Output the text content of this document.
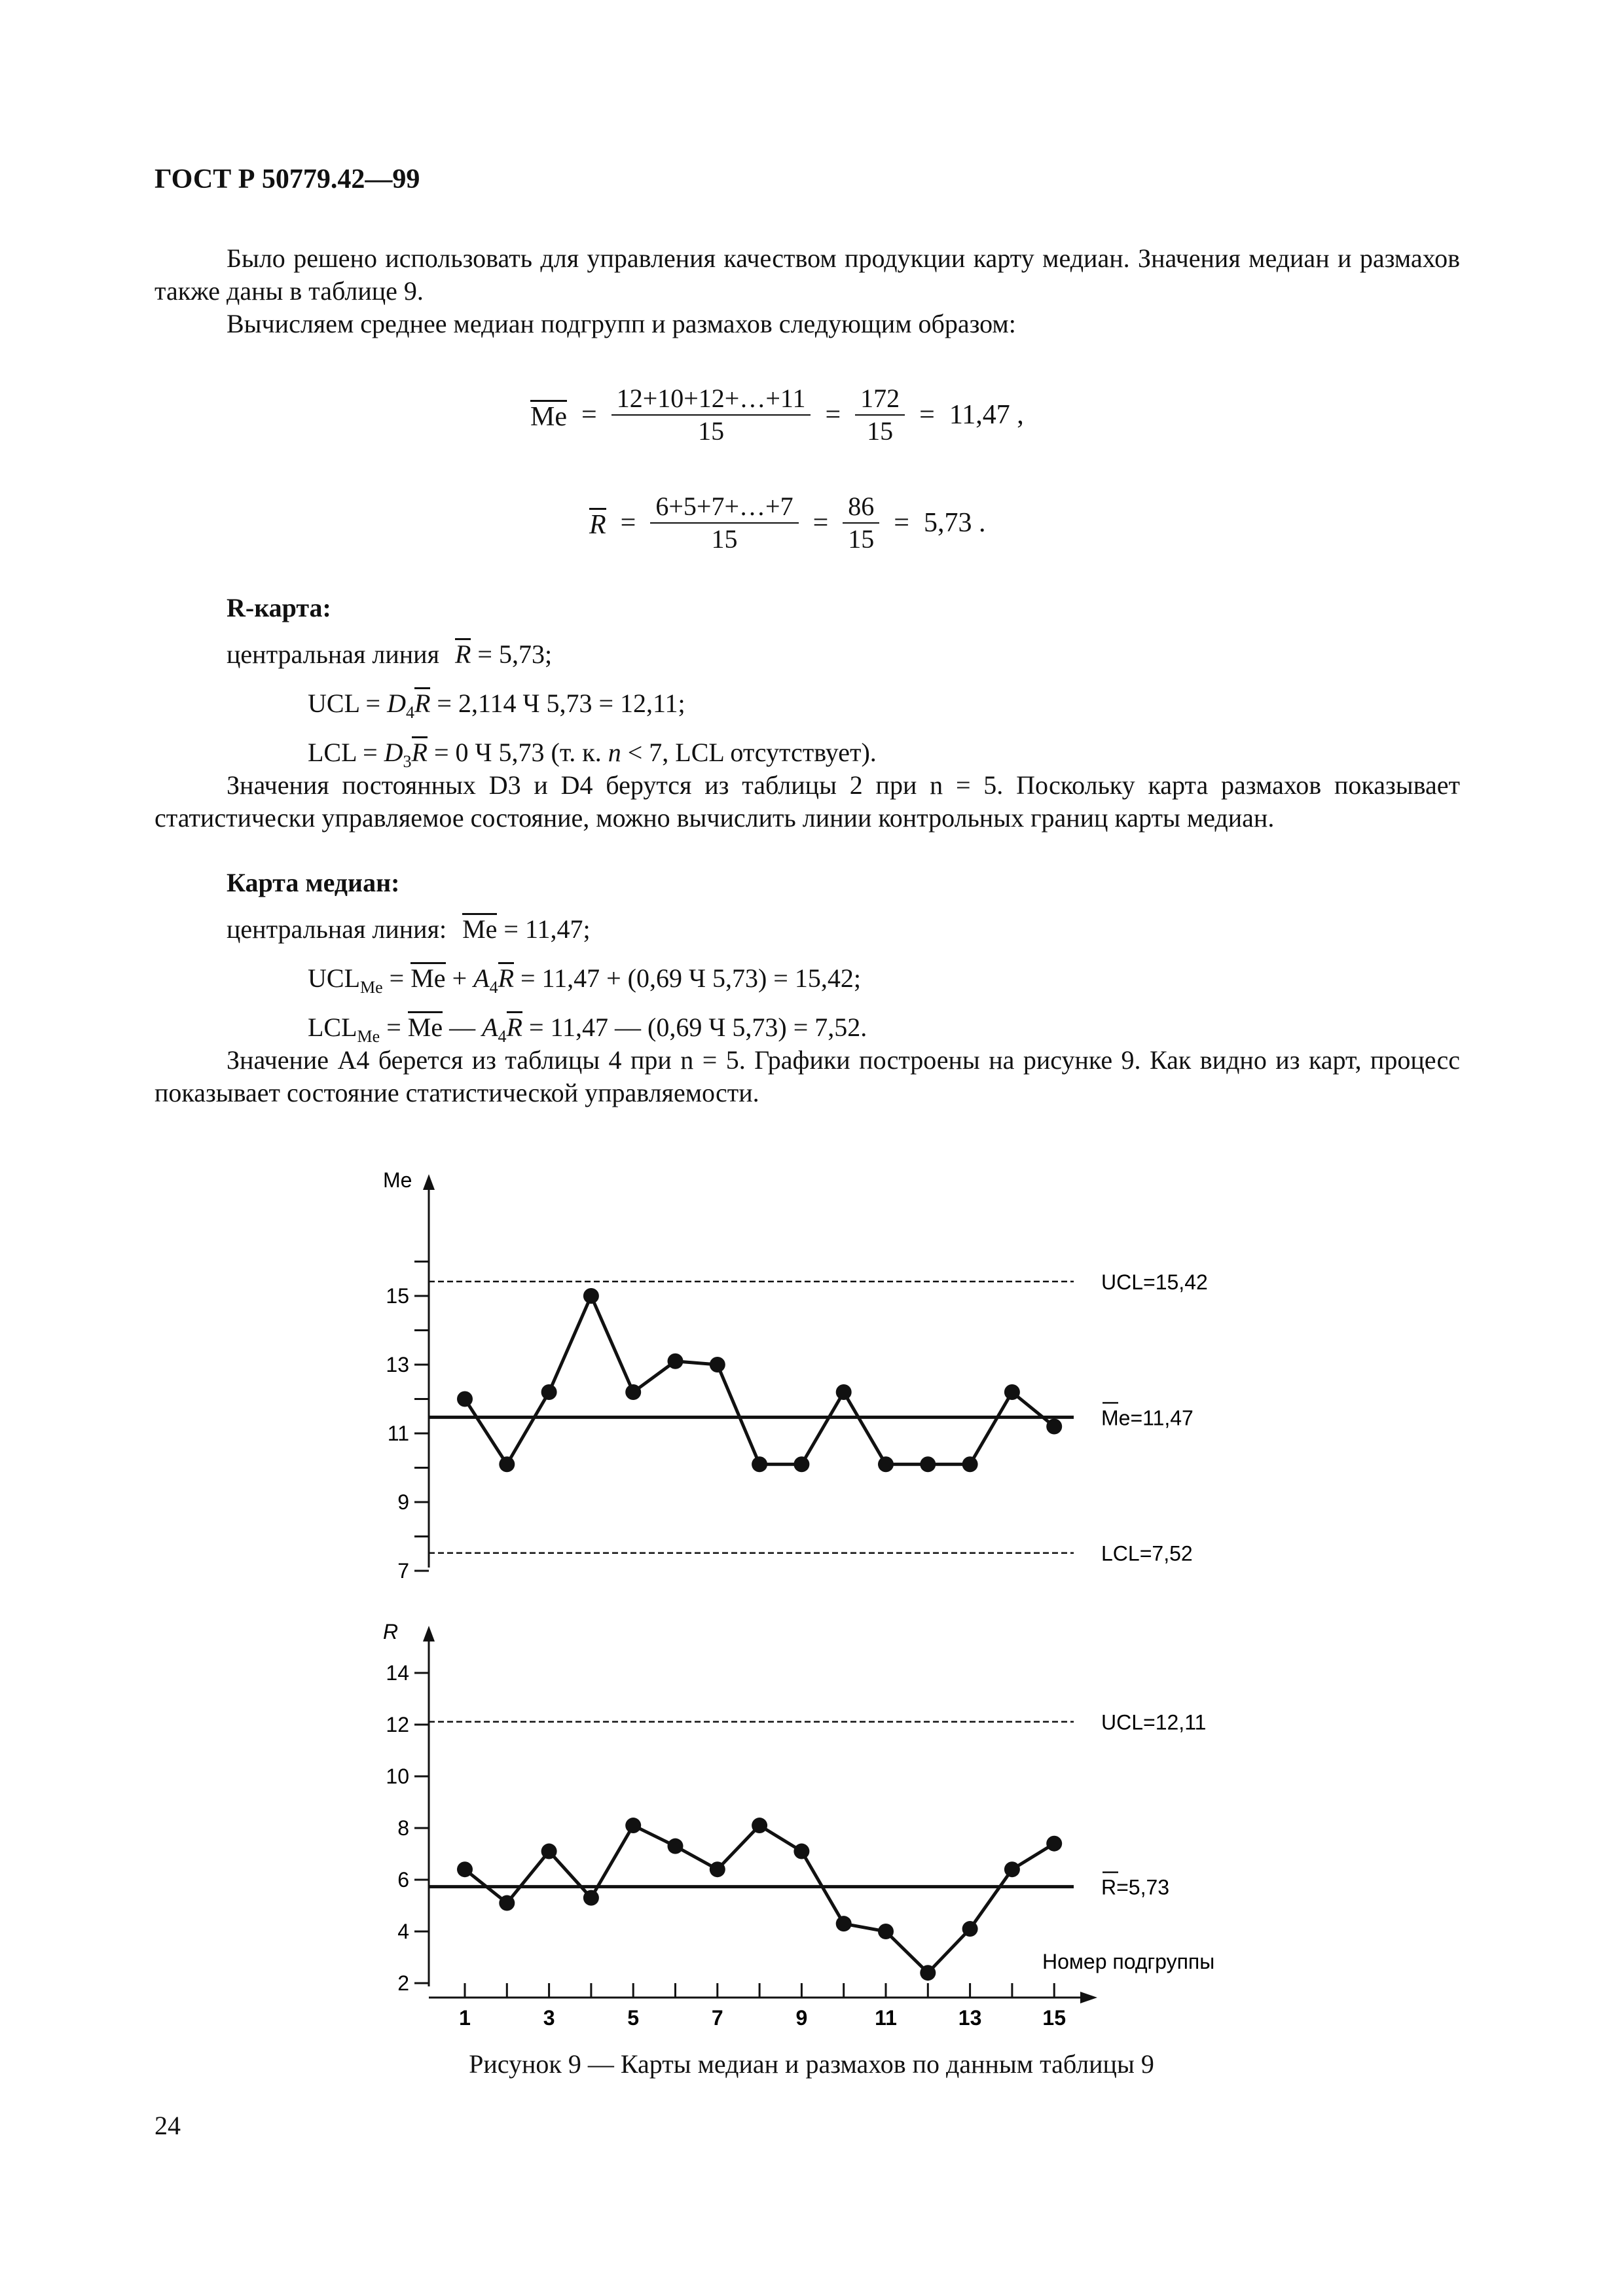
ГОСТ Р 50779.42—99

Было решено использовать для управления качеством продукции карту медиан. Значения медиан и размахов также даны в таблице 9.

Вычисляем среднее медиан подгрупп и размахов следующим образом:

$Me = \frac{12+10+12+\dots+11}{15} = \frac{172}{15} = 11,47$ ,
$R = \frac{6+5+7+\dots+7}{15} = \frac{86}{15} = 5,73$ .
R-карта:
центральная линия R = 5,73;
UCL = $D_4R = 2,114$ Ч 5,73 = 12,11;
LCL = $D_3R = 0$ Ч 5,73 (т. к. n < 7, LCL отсутствует).

Значения постоянных D3 и D4 берутся из таблицы 2 при n = 5. Поскольку карта размахов показывает статистически управляемое состояние, можно вычислить линии контрольных границ карты медиан.

Карта медиан:
центральная линия: Me = 11,47;
$UCL_{Me} = Me + A_4R = 11,47 + (0,69$ Ч 5,73) = 15,42;
$LCL_{Me} = Me$ — $A_4R = 11,47$ — (0,69 Ч 5,73) = 7,52.

Значение A4 берется из таблицы 4 при n = 5. Графики построены на рисунке 9. Как видно из карт, процесс показывает состояние статистической управляемости.

Me
7
9
11
13
15
UCL=15,42
Me=11,47
LCL=7,52
R
2
4
6
8
10
12
14
UCL=12,11
R=5,73
1	3	5	7	9	11	13	15
Номер подгруппы
Рисунок 9 — Карты медиан и размахов по данным таблицы 9
24
